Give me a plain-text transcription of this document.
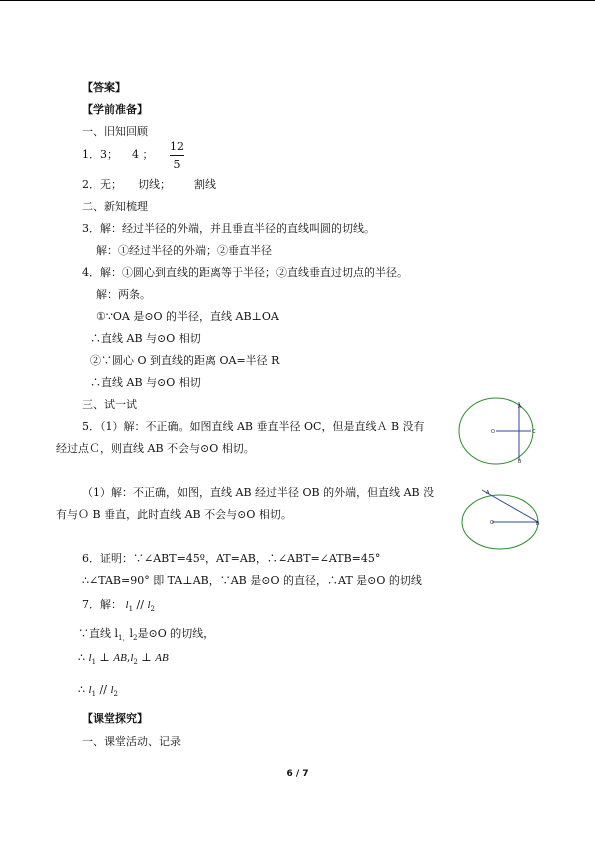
【答案】
【学前准备】
一、旧知回顾
1．3； 4 ；
12
5
2．无； 切线； 割线
二、新知梳理
3．解：经过半径的外端，并且垂直半径的直线叫圆的切线。
解：①经过半径的外端；②垂直半径
4．解：①圆心到直线的距离等于半径；②直线垂直过切点的半径。
解：两条。
①∵OA 是⊙O 的半径，直线 AB⊥OA
∴直线 AB 与⊙O 相切
②∵圆心 O 到直线的距离 OA=半径 R
∴直线 AB 与⊙O 相切
三、试一试
5．（1）解：不正确。如图直线 AB 垂直半径 OC，但是直线Ａ B 没有
经过点Ｃ，则直线 AB 不会与⊙O 相切。
A
B
O	C
（1）解：不正确，如图，直线 AB 经过半径 OB 的外端，但直线 AB 没
有与Ｏ B 垂直，此时直线 AB 不会与⊙O 相切。
A
O	B
6．证明：∵∠ABT=45º，AT=AB，∴∠ABT=∠ATB=45°
∴∠TAB=90° 即 TA⊥AB，∵AB 是⊙O 的直径，∴AT 是⊙O 的切线
7．解： $l_1 // l_2$
∵直线 $l_{1,}l_2$是⊙O 的切线，
∴ $l_1$ ⊥ $AB,l_2$ ⊥ AB
∴ $l_1 // l_2$
【课堂探究】
一、课堂活动、记录
6 / 7
